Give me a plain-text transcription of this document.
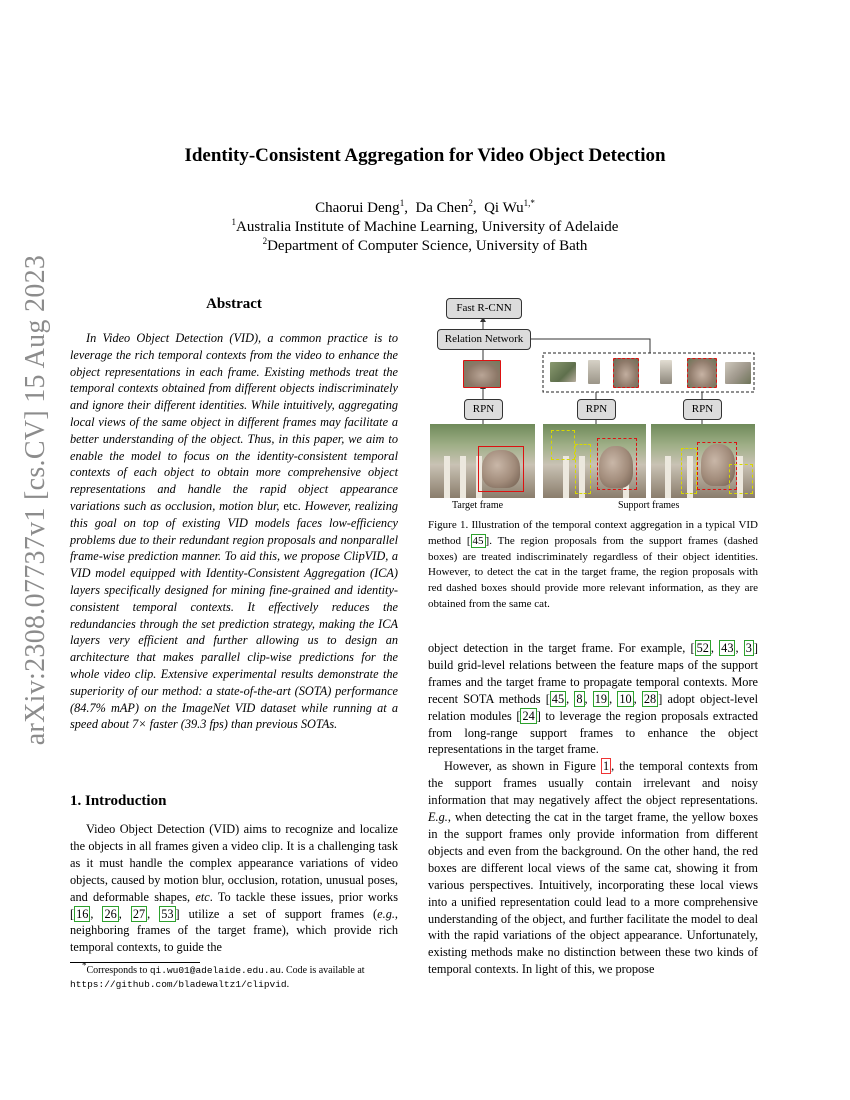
arXiv:2308.07737v1 [cs.CV] 15 Aug 2023
Identity-Consistent Aggregation for Video Object Detection
Chaorui Deng$^1$,  Da Chen$^2$,  Qi $Wu^{1,*}$
$^1$Australia Institute of Machine Learning, University of Adelaide
$^2$Department of Computer Science, University of Bath
Abstract
In Video Object Detection (VID), a common practice is to leverage the rich temporal contexts from the video to enhance the object representations in each frame. Existing methods treat the temporal contexts obtained from different objects indiscriminately and ignore their different identities. While intuitively, aggregating local views of the same object in different frames may facilitate a better understanding of the object. Thus, in this paper, we aim to enable the model to focus on the identity-consistent temporal contexts of each object to obtain more comprehensive object representations and handle the rapid object appearance variations such as occlusion, motion blur, etc. However, realizing this goal on top of existing VID models faces low-efficiency problems due to their redundant region proposals and nonparallel frame-wise prediction manner. To aid this, we propose ClipVID, a VID model equipped with Identity-Consistent Aggregation (ICA) layers specifically designed for mining fine-grained and identity-consistent temporal contexts. It effectively reduces the redundancies through the set prediction strategy, making the ICA layers very efficient and further allowing us to design an architecture that makes parallel clip-wise predictions for the whole video clip. Extensive experimental results demonstrate the superiority of our method: a state-of-the-art (SOTA) performance (84.7% mAP) on the ImageNet VID dataset while running at a speed about 7× faster (39.3 fps) than previous SOTAs.
1. Introduction
Video Object Detection (VID) aims to recognize and localize the objects in all frames given a video clip. It is a challenging task as it must handle the complex appearance variations of video objects, caused by motion blur, occlusion, rotation, unusual poses, and deformable shapes, etc. To tackle these issues, prior works [ 16 , 26 , 27 , 53 ] utilize a set of support frames (e.g., neighboring frames of the target frame), which provide rich temporal contexts, to guide the
*Corresponds to qi.wu01@adelaide.edu.au. Code is available at https://github.com/bladewaltz1/clipvid.
Fast R-CNN
Relation Network
RPN	RPN	RPN
Target frame	Support frames
Figure 1. Illustration of the temporal context aggregation in a typical VID method [ 45 ]. The region proposals from the support frames (dashed boxes) are treated indiscriminately regardless of their object identities. However, to detect the cat in the target frame, the region proposals with red dashed boxes should provide more relevant information, as they are obtained from the same cat.

object detection in the target frame. For example, [ 52 , 43 , 3 ] build grid-level relations between the feature maps of the support frames and the target frame to propagate temporal contexts. More recent SOTA methods [ 45 , 8 , 19 , 10 , 28 ] adopt object-level relation modules [ 24 ] to leverage the region proposals extracted from long-range support frames to enhance the object representations in the target frame.

However, as shown in Figure 1 , the temporal contexts from the support frames usually contain irrelevant and noisy information that may negatively affect the object representations. E.g., when detecting the cat in the target frame, the yellow boxes in the support frames only provide information from different objects and even from the background. On the other hand, the red boxes are different local views of the same cat, showing it from various perspectives. Intuitively, incorporating these local views into a unified representation could lead to a more comprehensive understanding of the object, and further facilitate the model to deal with the rapid variations of the object appearance. Unfortunately, existing methods make no distinction between these two kinds of temporal contexts. In light of this, we propose
